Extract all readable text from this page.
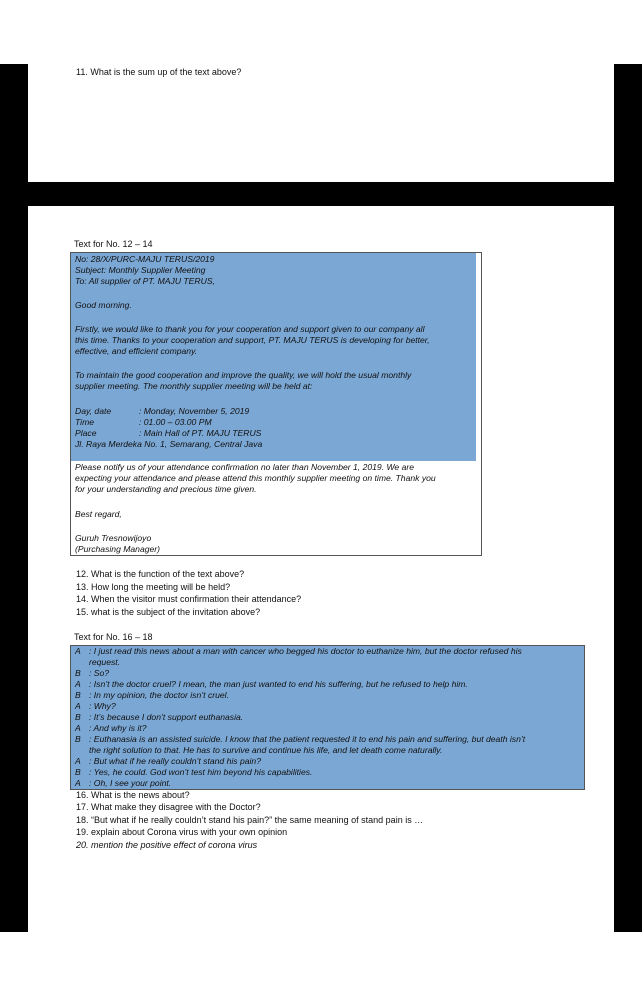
11. What is the sum up of the text above?
Text for No. 12 – 14
No: 28/X/PURC-MAJU TERUS/2019
Subject: Monthly Supplier Meeting
To: All supplier of PT. MAJU TERUS,
Good morning.
Firstly, we would like to thank you for your cooperation and support given to our company all
this time. Thanks to your cooperation and support, PT. MAJU TERUS is developing for better,
effective, and efficient company.
To maintain the good cooperation and improve the quality, we will hold the usual monthly
supplier meeting. The monthly supplier meeting will be held at:
Day, date	: Monday, November 5, 2019
Time	: 01.00 – 03.00 PM
Place	: Main Hall of PT. MAJU TERUS
Jl. Raya Merdeka No. 1, Semarang, Central Java
Please notify us of your attendance confirmation no later than November 1, 2019. We are
expecting your attendance and please attend this monthly supplier meeting on time. Thank you
for your understanding and precious time given.
Best regard,
Guruh Tresnowijoyo
(Purchasing Manager)
12. What is the function of the text above?
13. How long the meeting will be held?
14. When the visitor must confirmation their attendance?
15. what is the subject of the invitation above?
Text for No. 16 – 18
A : I just read this news about a man with cancer who begged his doctor to euthanize him, but the doctor refused his
request.
B : So?
A : Isn’t the doctor cruel? I mean, the man just wanted to end his suffering, but he refused to help him.
B : In my opinion, the doctor isn’t cruel.
A : Why?
B : It’s because I don’t support euthanasia.
A : And why is it?
B : Euthanasia is an assisted suicide. I know that the patient requested it to end his pain and suffering, but death isn’t
the right solution to that. He has to survive and continue his life, and let death come naturally.
A : But what if he really couldn’t stand his pain?
B : Yes, he could. God won’t test him beyond his capabilities.
A : Oh, I see your point.
16. What is the news about?
17. What make they disagree with the Doctor?
18. “But what if he really couldn’t stand his pain?” the same meaning of stand pain is …
19. explain about Corona virus with your own opinion
20. mention the positive effect of corona virus
